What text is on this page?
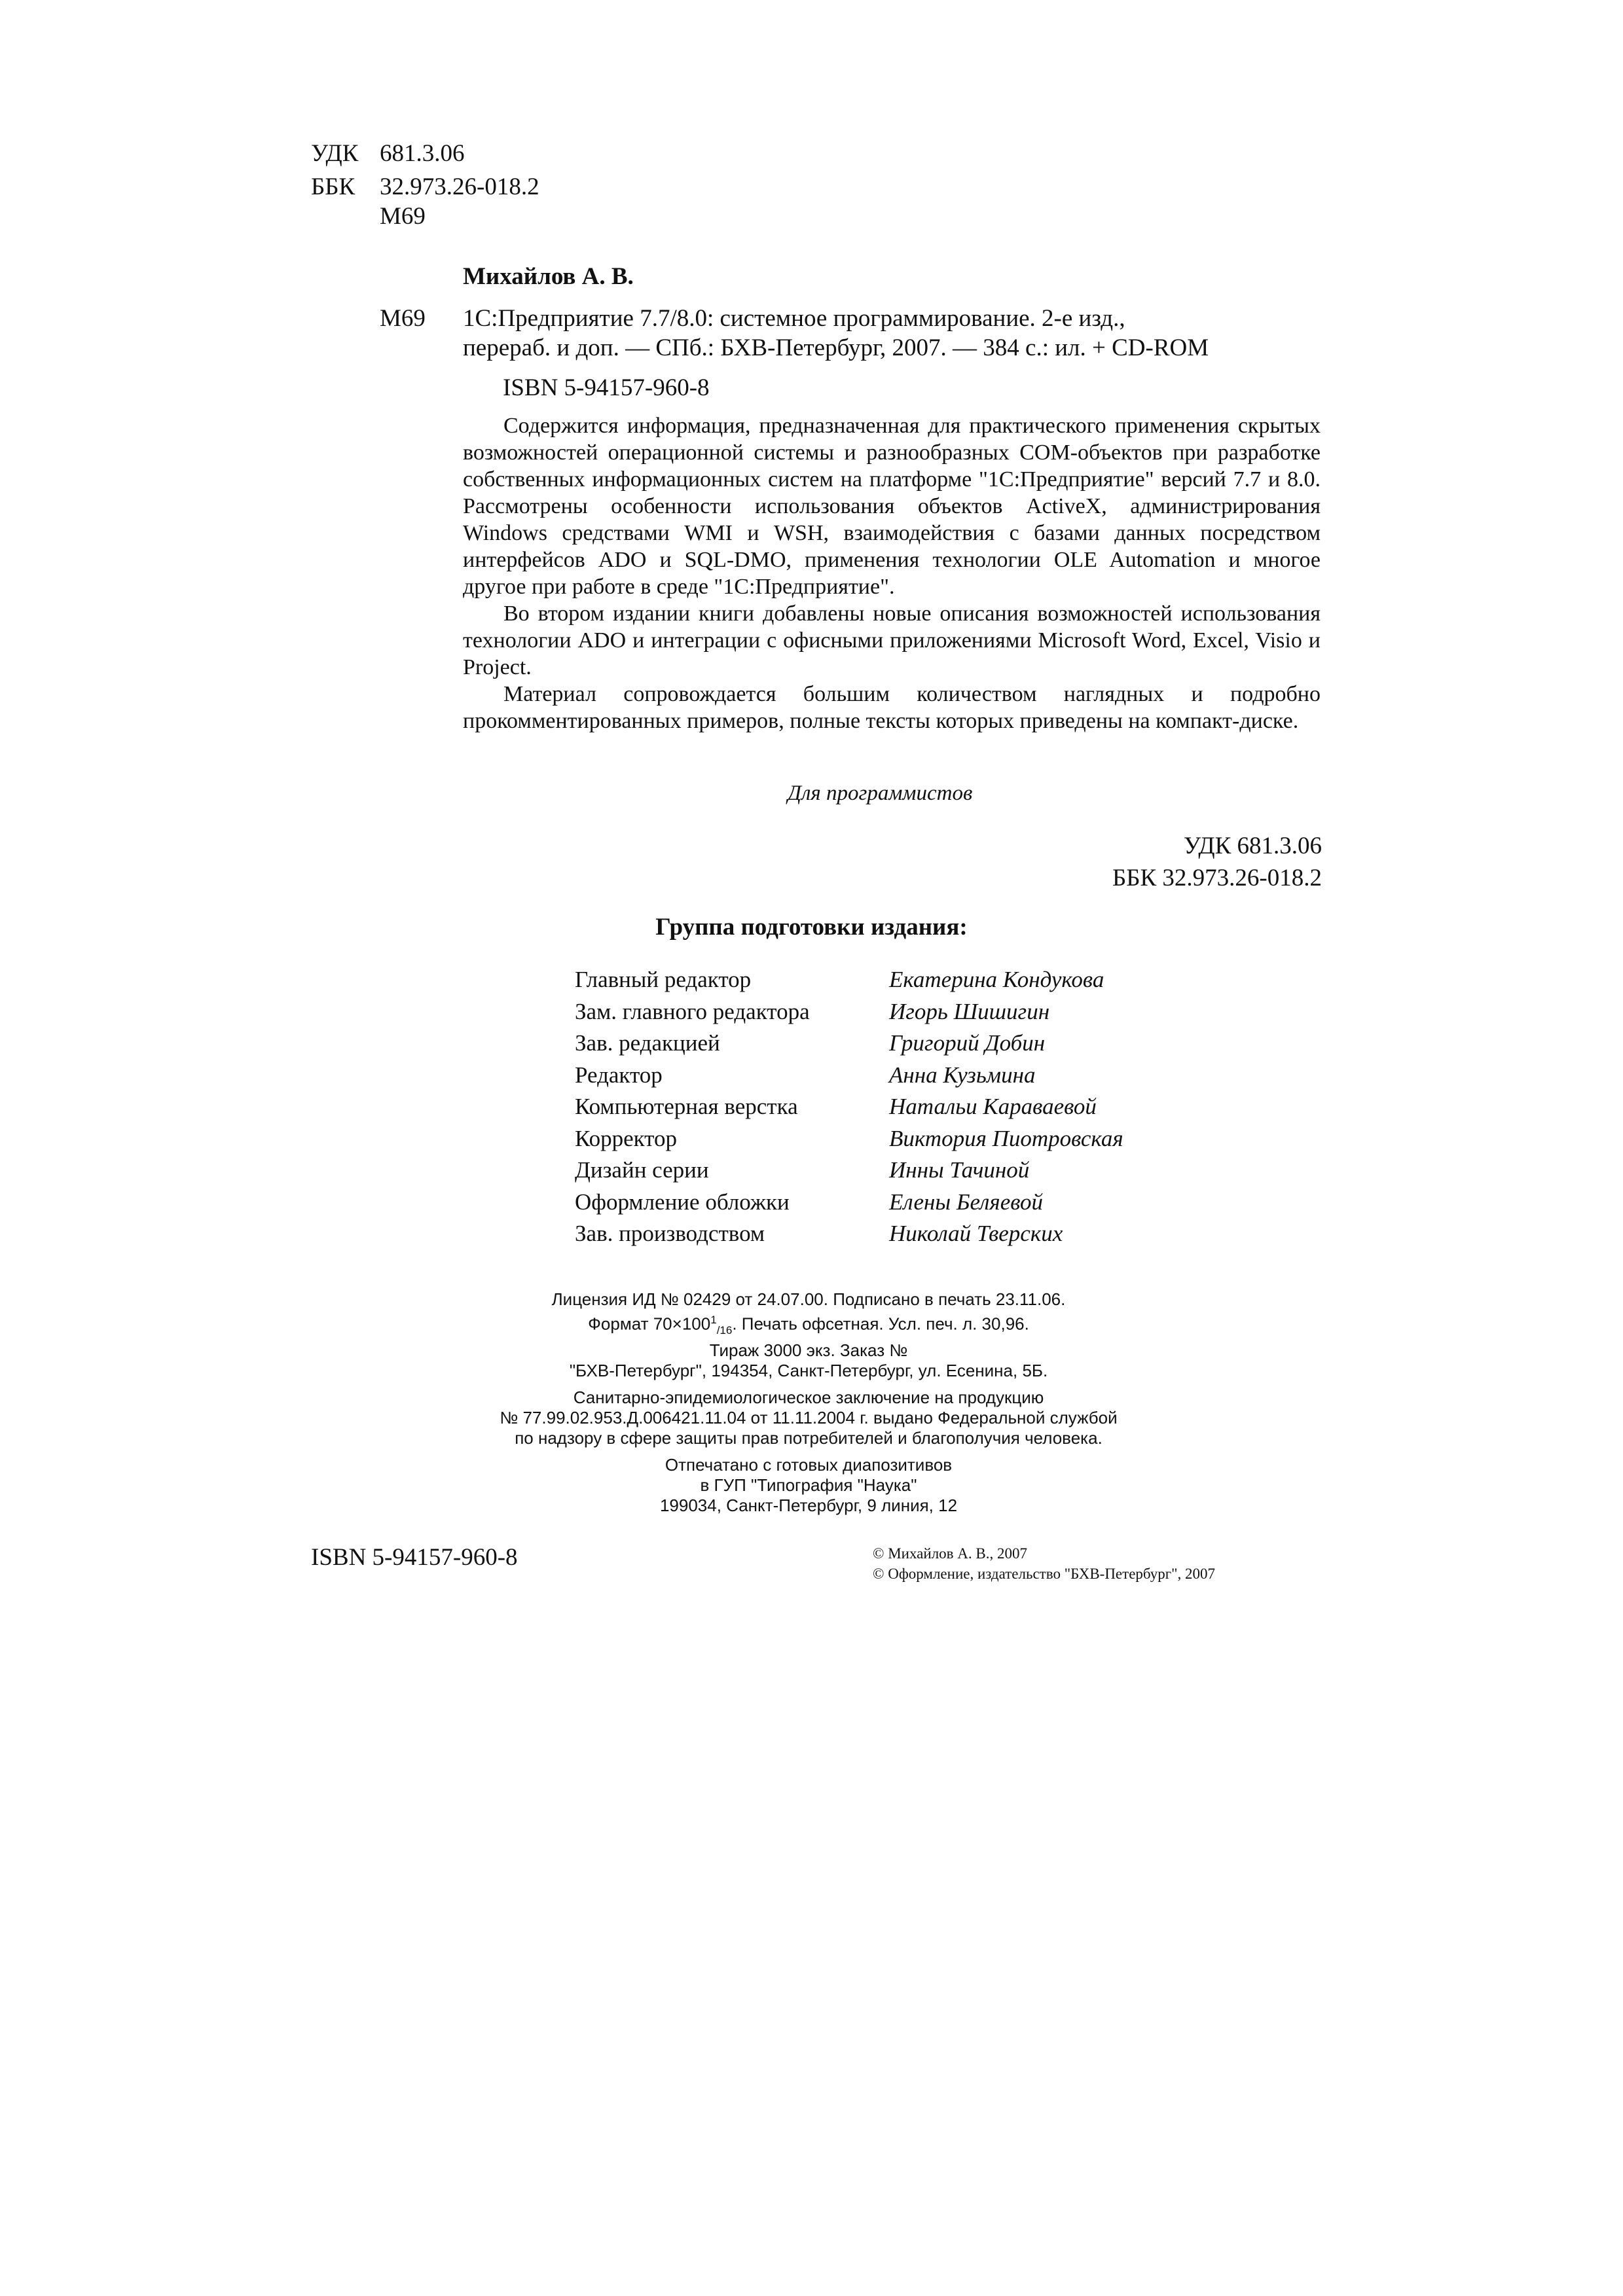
УДК 681.3.06
ББК 32.973.26-018.2
М69
Михайлов А. В.
М69 1С:Предприятие 7.7/8.0: системное программирование. 2-е изд.,
перераб. и доп. — СПб.: БХВ-Петербург, 2007. — 384 с.: ил. + CD-ROM
ISBN 5-94157-960-8

Содержится информация, предназначенная для практического применения скрытых возможностей операционной системы и разнообразных COM-объектов при разработке собственных информационных систем на платформе "1С:Предприятие" версий 7.7 и 8.0. Рассмотрены особенности использования объектов ActiveX, администрирования Windows средствами WMI и WSH, взаимодействия с базами данных посредством интерфейсов ADO и SQL-DMO, применения технологии OLE Automation и многое другое при работе в среде "1С:Предприятие".

Во втором издании книги добавлены новые описания возможностей использования технологии ADO и интеграции с офисными приложениями Microsoft Word, Excel, Visio и Project.

Материал сопровождается большим количеством наглядных и подробно прокомментированных примеров, полные тексты которых приведены на компакт-диске.

Для программистов
УДК 681.3.06
ББК 32.973.26-018.2
Группа подготовки издания:
Главный редактор	Екатерина Кондукова
Зам. главного редактора	Игорь Шишигин
Зав. редакцией	Григорий Добин
Редактор	Анна Кузьмина
Компьютерная верстка	Натальи Караваевой
Корректор	Виктория Пиотровская
Дизайн серии	Инны Тачиной
Оформление обложки	Елены Беляевой
Зав. производством	Николай Тверских
Лицензия ИД № 02429 от 24.07.00. Подписано в печать 23.11.06.
Формат $70\times 100^1_{/16}$. Печать офсетная. Усл. печ. л. 30,96.
Тираж 3000 экз. Заказ №
"БХВ-Петербург", 194354, Санкт-Петербург, ул. Есенина, 5Б.
Санитарно-эпидемиологическое заключение на продукцию
№ 77.99.02.953.Д.006421.11.04 от 11.11.2004 г. выдано Федеральной службой
по надзору в сфере защиты прав потребителей и благополучия человека.
Отпечатано с готовых диапозитивов
в ГУП "Типография "Наука"
199034, Санкт-Петербург, 9 линия, 12
ISBN 5-94157-960-8	© Михайлов А. В., 2007
© Оформление, издательство "БХВ-Петербург", 2007
